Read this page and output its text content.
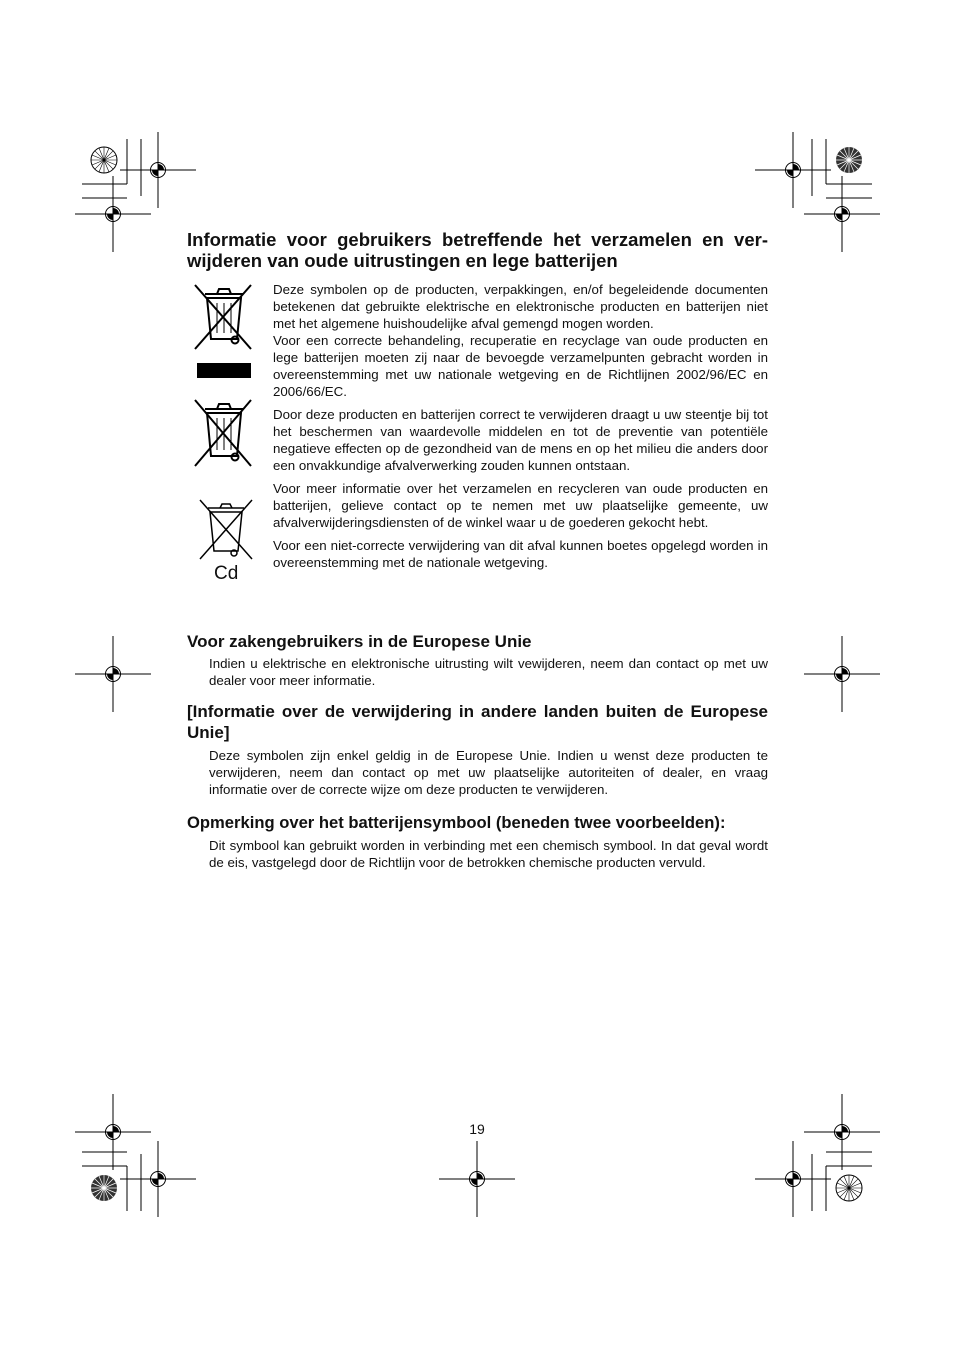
Informatie voor gebruikers betreffende het verzamelen en ver-wijderen van oude uitrustingen en lege batterijen
Cd

Deze symbolen op de producten, verpakkingen, en/of begeleidende documenten betekenen dat gebruikte elektrische en elektronische producten en batterijen niet met het algemene huishoudelijke afval gemengd mogen worden.
Voor een correcte behandeling, recuperatie en recyclage van oude producten en lege batterijen moeten zij naar de bevoegde verzamelpunten gebracht worden in overeenstemming met uw nationale wetgeving en de Richtlijnen 2002/96/EC en 2006/66/EC.

Door deze producten en batterijen correct te verwijderen draagt u uw steentje bij tot het beschermen van waardevolle middelen en tot de preventie van potentiële negatieve effecten op de gezondheid van de mens en op het milieu die anders door een onvakkundige afvalverwerking zouden kunnen ontstaan.

Voor meer informatie over het verzamelen en recycleren van oude producten en batterijen, gelieve contact op te nemen met uw plaatselijke gemeente, uw afvalverwijderingsdiensten of de winkel waar u de goederen gekocht hebt.

Voor een niet-correcte verwijdering van dit afval kunnen boetes opgelegd worden in overeenstemming met de nationale wetgeving.

Voor zakengebruikers in de Europese Unie
Indien u elektrische en elektronische uitrusting wilt vewijderen, neem dan contact op met uw dealer voor meer informatie.
[Informatie over de verwijdering in andere landen buiten de Europese Unie]
Deze symbolen zijn enkel geldig in de Europese Unie. Indien u wenst deze producten te verwijderen, neem dan contact op met uw plaatselijke autoriteiten of dealer, en vraag informatie over de correcte wijze om deze producten te verwijderen.
Opmerking over het batterijensymbool (beneden twee voorbeelden):
Dit symbool kan gebruikt worden in verbinding met een chemisch symbool. In dat geval wordt de eis, vastgelegd door de Richtlijn voor de betrokken chemische producten vervuld.
19
